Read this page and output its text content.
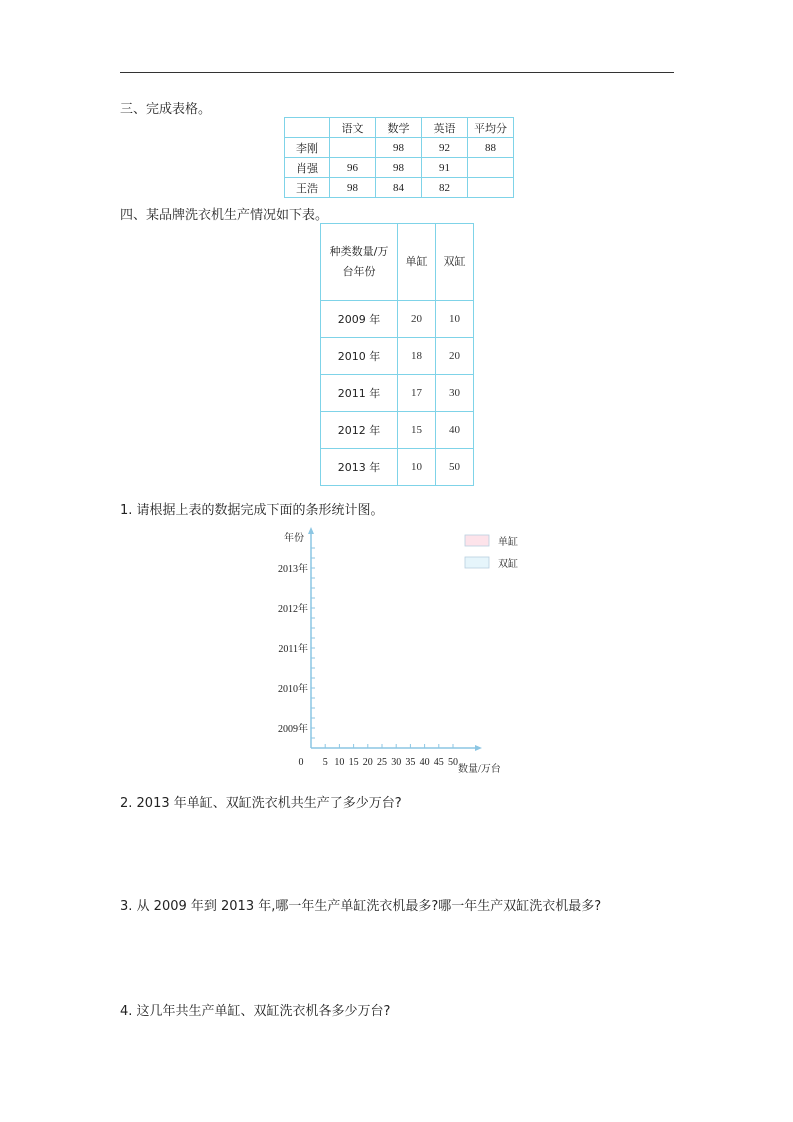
三、完成表格。
	语文	数学	英语	平均分
李刚		98	92	88
肖强	96	98	91	
王浩	98	84	82	
四、某品牌洗衣机生产情况如下表。
种类数量/万
台年份	单缸	双缸
2009 年	20	10
2010 年	18	20
2011 年	17	30
2012 年	15	40
2013 年	10	50
1. 请根据上表的数据完成下面的条形统计图。
0 5 10 15 20 25 30 35 40 45 50
2009年
2010年
2011年
2012年
2013年
年份
数量/万台
单缸
双缸
2. 2013 年单缸、双缸洗衣机共生产了多少万台?
3. 从 2009 年到 2013 年,哪一年生产单缸洗衣机最多?哪一年生产双缸洗衣机最多?
4. 这几年共生产单缸、双缸洗衣机各多少万台?
